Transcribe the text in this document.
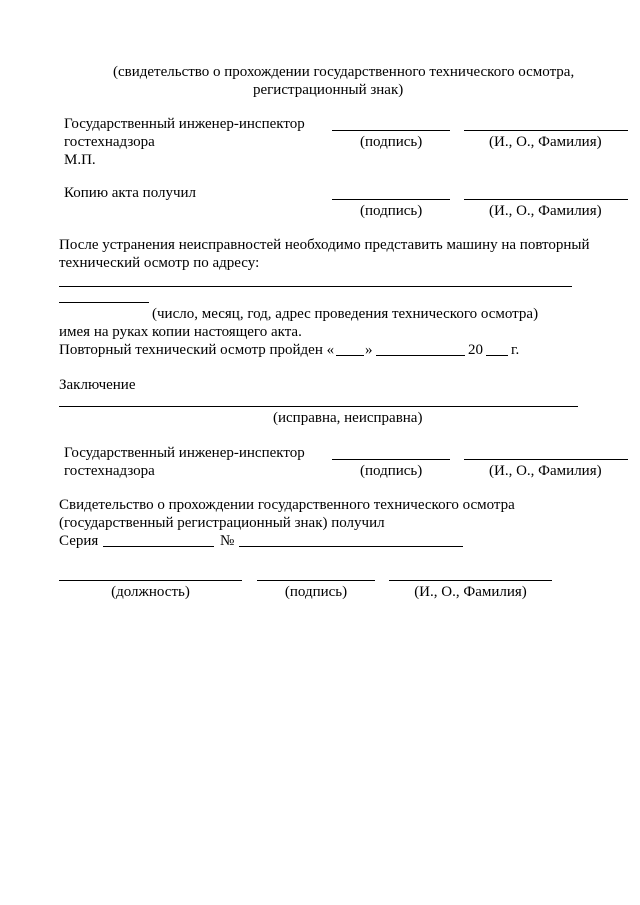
(свидетельство о прохождении государственного технического осмотра,
регистрационный знак)
Государственный инженер-инспектор
гостехнадзора
М.П.
(подпись)	(И., О., Фамилия)
Копию акта получил
(подпись)	(И., О., Фамилия)
После устранения неисправностей необходимо представить машину на повторный
технический осмотр по адресу:
(число, месяц, год, адрес проведения технического осмотра)
имея на руках копии настоящего акта.
Повторный технический осмотр пройден « »	20 г.
Заключение
(исправна, неисправна)
Государственный инженер-инспектор
гостехнадзора	(подпись)	(И., О., Фамилия)
Свидетельство о прохождении государственного технического осмотра
(государственный регистрационный знак) получил
Серия	№
(должность)	(подпись)	(И., О., Фамилия)
